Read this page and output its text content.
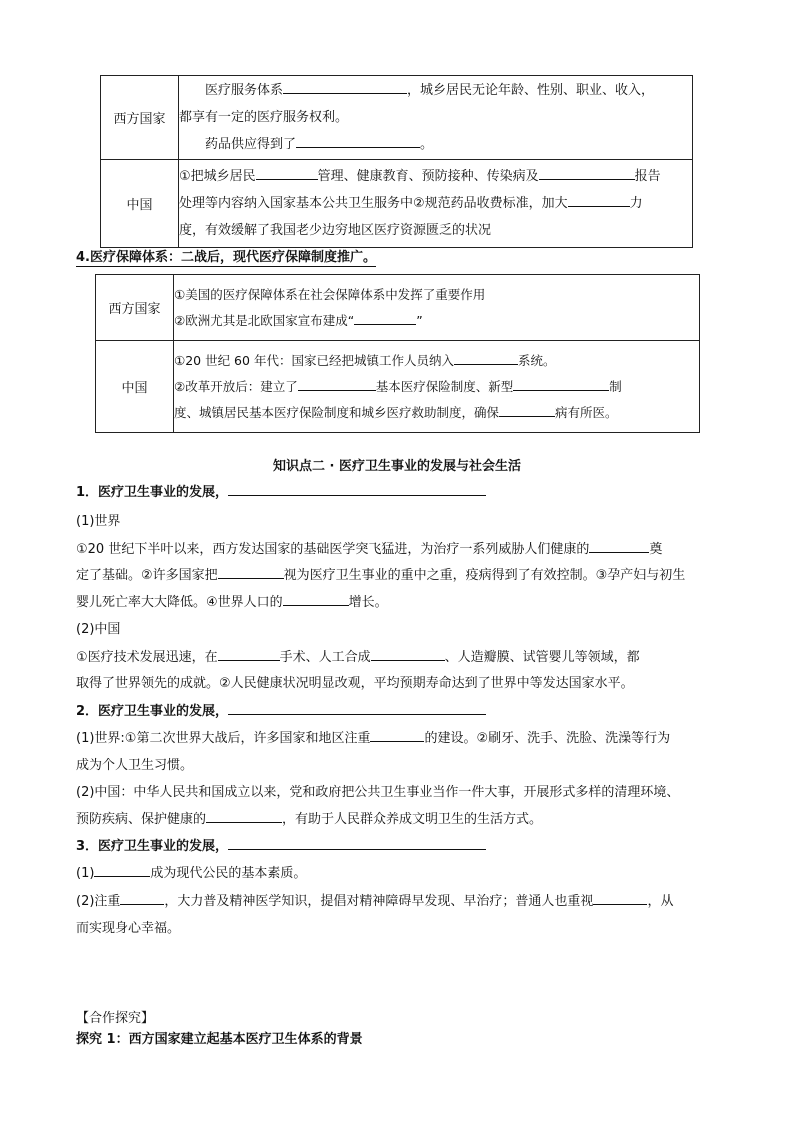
西方国家	医疗服务体系 ，城乡居民无论年龄、性别、职业、收入，
都享有一定的医疗服务权利。
药品供应得到了 。

中国	①把城乡居民 管理、健康教育、预防接种、传染病及 报告
处理等内容纳入国家基本公共卫生服务中②规范药品收费标准，加大 力
度，有效缓解了我国老少边穷地区医疗资源匮乏的状况
4.医疗保障体系：二战后，现代医疗保障制度推广。
西方国家	①美国的医疗保障体系在社会保障体系中发挥了重要作用
②欧洲尤其是北欧国家宣布建成“ ”

中国	①20 世纪 60 年代：国家已经把城镇工作人员纳入 系统。
②改革开放后：建立了 基本医疗保险制度、新型 制
度、城镇居民基本医疗保险制度和城乡医疗救助制度，确保 病有所医。
知识点二 · 医疗卫生事业的发展与社会生活
1．医疗卫生事业的发展，
(1)世界
①20 世纪下半叶以来，西方发达国家的基础医学突飞猛进，为治疗一系列威胁人们健康的	奠
定了基础。②许多国家把	视为医疗卫生事业的重中之重，疫病得到了有效控制。③孕产妇与初生
婴儿死亡率大大降低。④世界人口的	增长。
(2)中国
①医疗技术发展迅速，在	手术、人工合成	、人造瓣膜、试管婴儿等领域，都
取得了世界领先的成就。②人民健康状况明显改观，平均预期寿命达到了世界中等发达国家水平。
2．医疗卫生事业的发展，
(1)世界:①第二次世界大战后，许多国家和地区注重	的建设。②刷牙、洗手、洗脸、洗澡等行为
成为个人卫生习惯。
(2)中国：中华人民共和国成立以来，党和政府把公共卫生事业当作一件大事，开展形式多样的清理环境、
预防疾病、保护健康的	，有助于人民群众养成文明卫生的生活方式。
3．医疗卫生事业的发展，
(1)	成为现代公民的基本素质。
(2)注重	，大力普及精神医学知识，提倡对精神障碍早发现、早治疗；普通人也重视	，从
而实现身心幸福。
【合作探究】
探究 1：西方国家建立起基本医疗卫生体系的背景
